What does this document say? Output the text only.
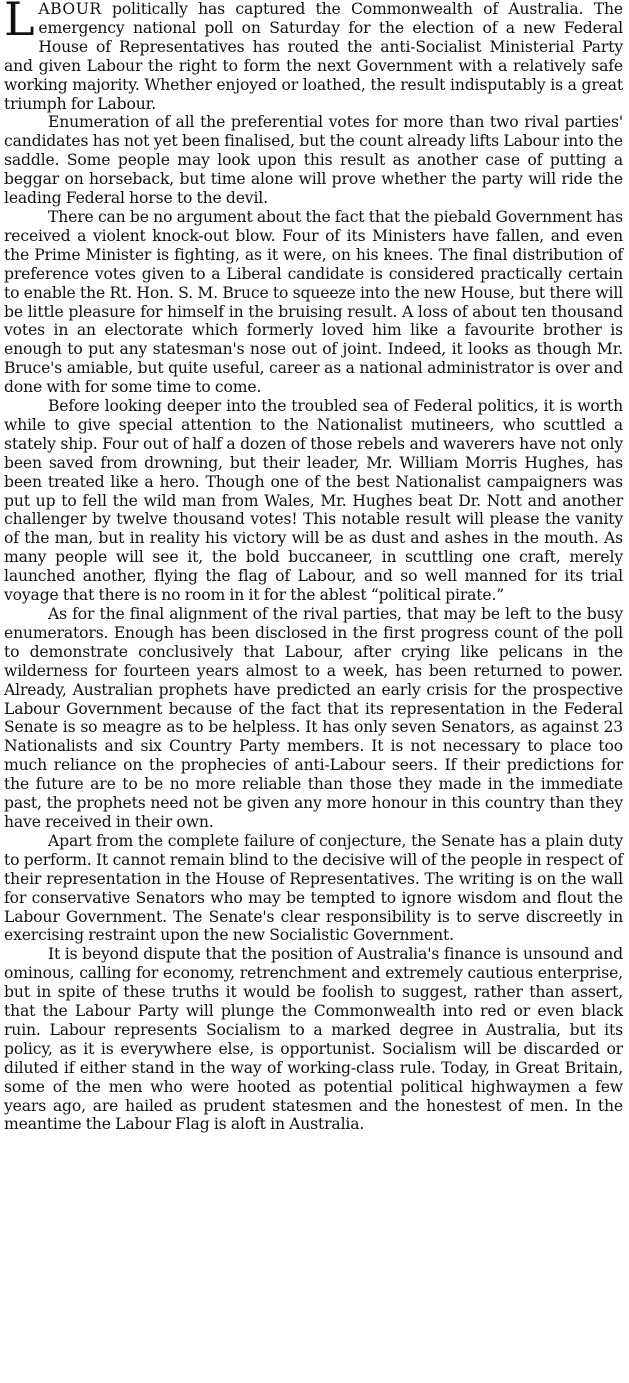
LABOUR politically has captured the Commonwealth of Australia. The emergency national poll on Saturday for the election of a new Federal House of Representatives has routed the anti-Socialist Ministerial Party and given Labour the right to form the next Government with a relatively safe working majority. Whether enjoyed or loathed, the result indisputably is a great triumph for Labour.

Enumeration of all the preferential votes for more than two rival parties' candidates has not yet been finalised, but the count already lifts Labour into the saddle. Some people may look upon this result as another case of putting a beggar on horseback, but time alone will prove whether the party will ride the leading Federal horse to the devil.

There can be no argument about the fact that the piebald Government has received a violent knock-out blow. Four of its Ministers have fallen, and even the Prime Minister is fighting, as it were, on his knees. The final distribution of preference votes given to a Liberal candidate is considered practically certain to enable the Rt. Hon. S. M. Bruce to squeeze into the new House, but there will be little pleasure for himself in the bruising result. A loss of about ten thousand votes in an electorate which formerly loved him like a favourite brother is enough to put any statesman's nose out of joint. Indeed, it looks as though Mr. Bruce's amiable, but quite useful, career as a national administrator is over and done with for some time to come.

Before looking deeper into the troubled sea of Federal politics, it is worth while to give special attention to the Nationalist mutineers, who scuttled a stately ship. Four out of half a dozen of those rebels and waverers have not only been saved from drowning, but their leader, Mr. William Morris Hughes, has been treated like a hero. Though one of the best Nationalist campaigners was put up to fell the wild man from Wales, Mr. Hughes beat Dr. Nott and another challenger by twelve thousand votes! This notable result will please the vanity of the man, but in reality his victory will be as dust and ashes in the mouth. As many people will see it, the bold buccaneer, in scuttling one craft, merely launched another, flying the flag of Labour, and so well manned for its trial voyage that there is no room in it for the ablest “political pirate.”

As for the final alignment of the rival parties, that may be left to the busy enumerators. Enough has been disclosed in the first progress count of the poll to demonstrate conclusively that Labour, after crying like pelicans in the wilderness for fourteen years almost to a week, has been returned to power. Already, Australian prophets have predicted an early crisis for the prospective Labour Government because of the fact that its representation in the Federal Senate is so meagre as to be helpless. It has only seven Senators, as against 23 Nationalists and six Country Party members. It is not necessary to place too much reliance on the prophecies of anti-Labour seers. If their predictions for the future are to be no more reliable than those they made in the immediate past, the prophets need not be given any more honour in this country than they have received in their own.

Apart from the complete failure of conjecture, the Senate has a plain duty to perform. It cannot remain blind to the decisive will of the people in respect of their representation in the House of Representatives. The writing is on the wall for conservative Senators who may be tempted to ignore wisdom and flout the Labour Government. The Senate's clear responsibility is to serve discreetly in exercising restraint upon the new Socialistic Government.

It is beyond dispute that the position of Australia's finance is unsound and ominous, calling for economy, retrenchment and extremely cautious enterprise, but in spite of these truths it would be foolish to suggest, rather than assert, that the Labour Party will plunge the Commonwealth into red or even black ruin. Labour represents Socialism to a marked degree in Australia, but its policy, as it is everywhere else, is opportunist. Socialism will be discarded or diluted if either stand in the way of working-class rule. Today, in Great Britain, some of the men who were hooted as potential political highwaymen a few years ago, are hailed as prudent statesmen and the honestest of men. In the meantime the Labour Flag is aloft in Australia.
